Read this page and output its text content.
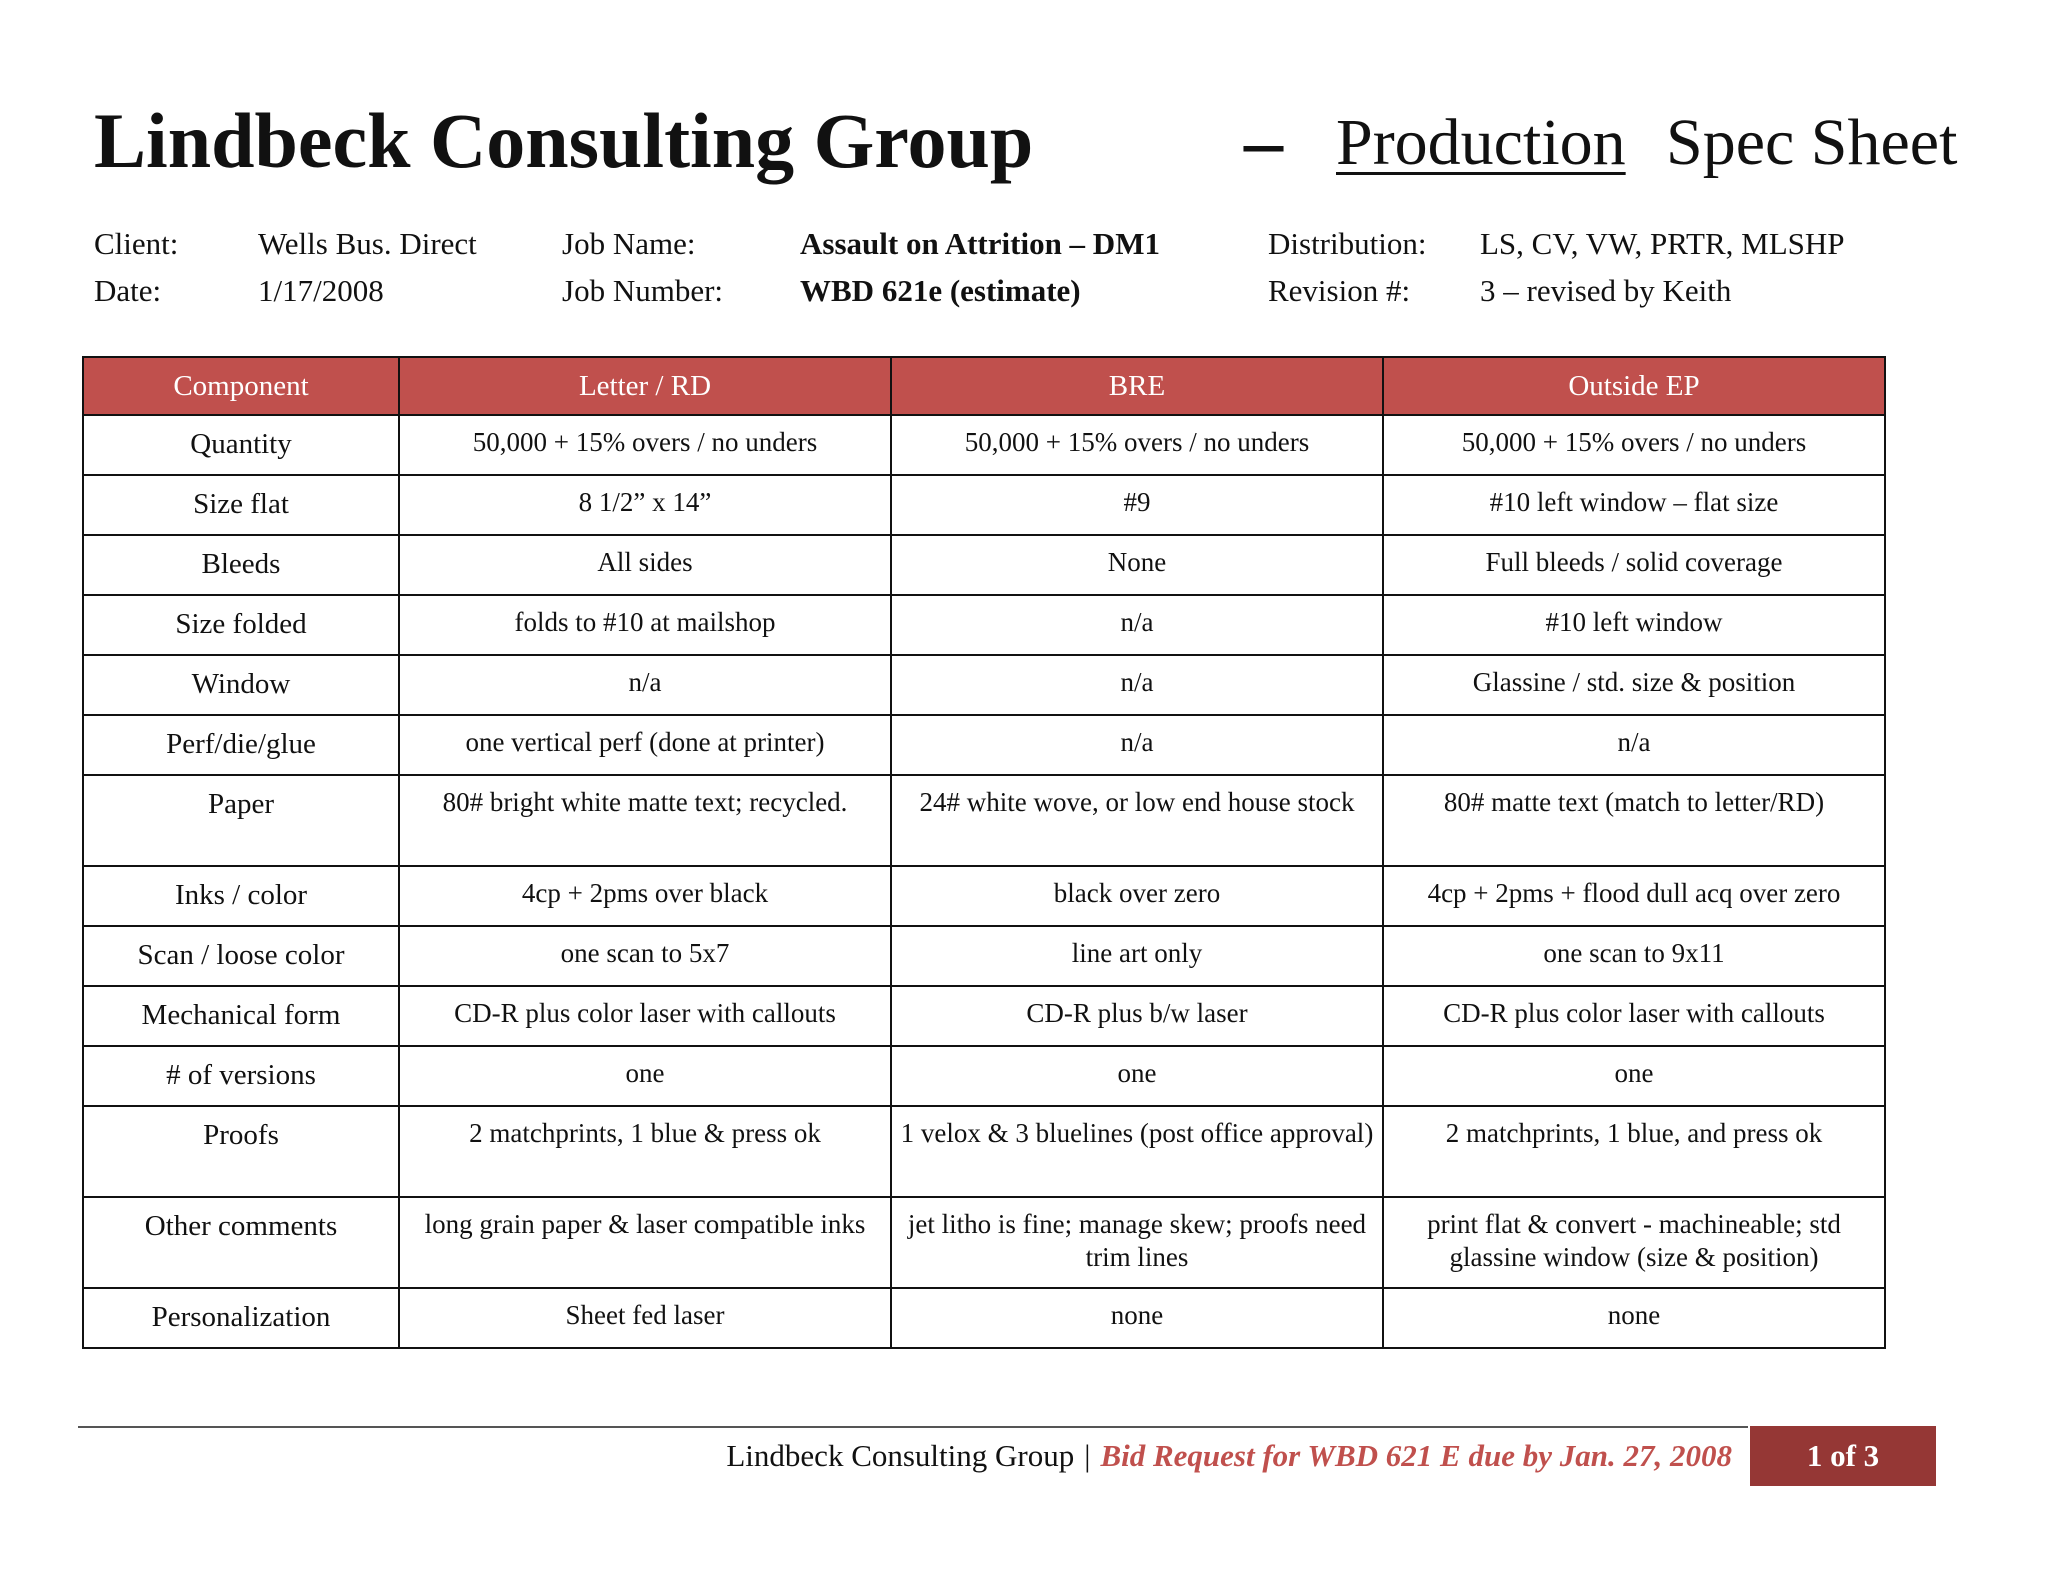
Lindbeck Consulting Group	– Production Spec Sheet
Client:	Wells Bus. Direct
Date:	1/17/2008
Job Name:	Assault on Attrition – DM1
Job Number: WBD 621e (estimate)
Distribution: LS, CV, VW, PRTR, MLSHP
Revision #: 3 – revised by Keith
Component	Letter / RD	BRE	Outside EP
Quantity	50,000 + 15% overs / no unders	50,000 + 15% overs / no unders	50,000 + 15% overs / no unders
Size flat	8 1/2” x 14”	#9	#10 left window – flat size
Bleeds	All sides	None	Full bleeds / solid coverage
Size folded	folds to #10 at mailshop	n/a	#10 left window
Window	n/a	n/a	Glassine / std. size & position
Perf/die/glue	one vertical perf (done at printer)	n/a	n/a
Paper	80# bright white matte text; recycled.	24# white wove, or low end house stock	80# matte text (match to letter/RD)
Inks / color	4cp + 2pms over black	black over zero	4cp + 2pms + flood dull acq over zero
Scan / loose color	one scan to 5x7	line art only	one scan to 9x11
Mechanical form	CD-R plus color laser with callouts	CD-R plus b/w laser	CD-R plus color laser with callouts
# of versions	one	one	one
Proofs	2 matchprints, 1 blue & press ok	1 velox & 3 bluelines (post office approval)	2 matchprints, 1 blue, and press ok
Other comments	long grain paper & laser compatible inks	jet litho is fine; manage skew; proofs need trim lines	print flat & convert - machineable; std glassine window (size & position)
Personalization	Sheet fed laser	none	none
Lindbeck Consulting Group | Bid Request for WBD 621 E due by Jan. 27, 2008	1 of 3
